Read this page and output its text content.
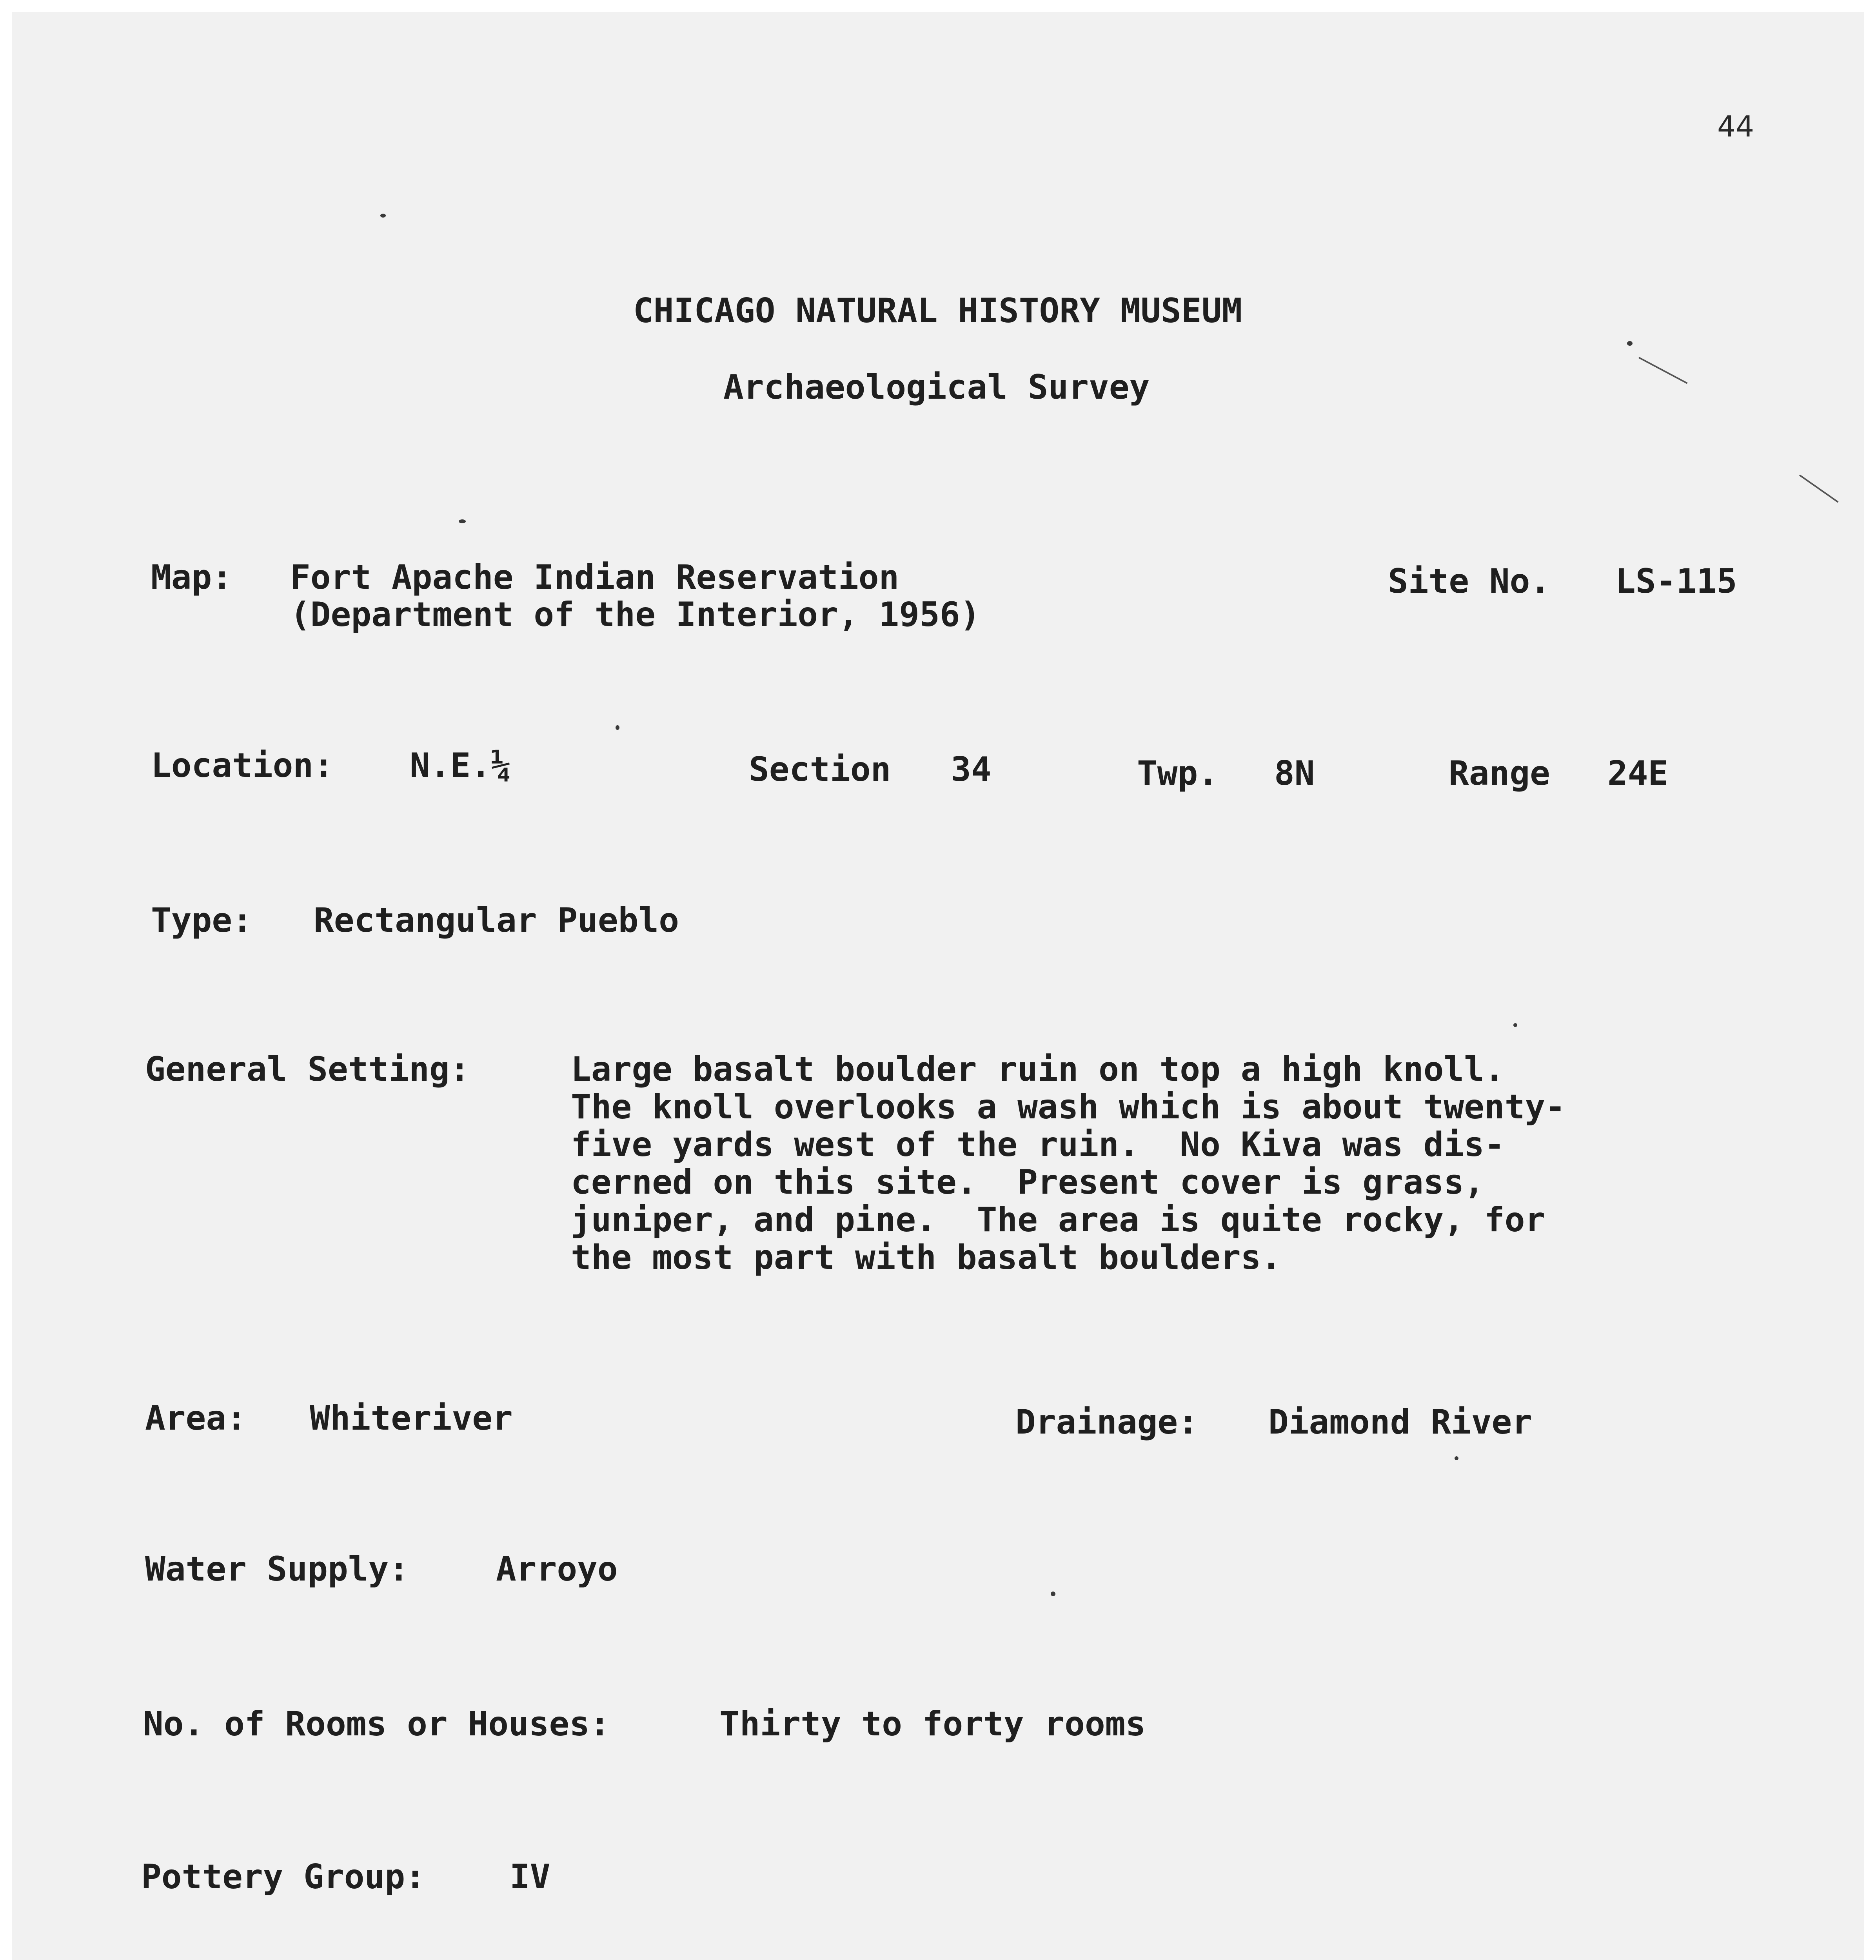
44
CHICAGO NATURAL HISTORY MUSEUM
Archaeological Survey
Map: Fort Apache Indian Reservation
(Department of the Interior, 1956)
Site No. LS-115
Location: N.E.¼	Section 34	Twp. 8N	Range 24E
Type: Rectangular Pueblo
General Setting:	Large basalt boulder ruin on top a high knoll.
The knoll overlooks a wash which is about twenty-
five yards west of the ruin.  No Kiva was dis-
cerned on this site.  Present cover is grass,
juniper, and pine.  The area is quite rocky, for
the most part with basalt boulders.
Area: Whiteriver	Drainage: Diamond River
Water Supply:	Arroyo
No. of Rooms or Houses:	Thirty to forty rooms
Pottery Group:	IV
